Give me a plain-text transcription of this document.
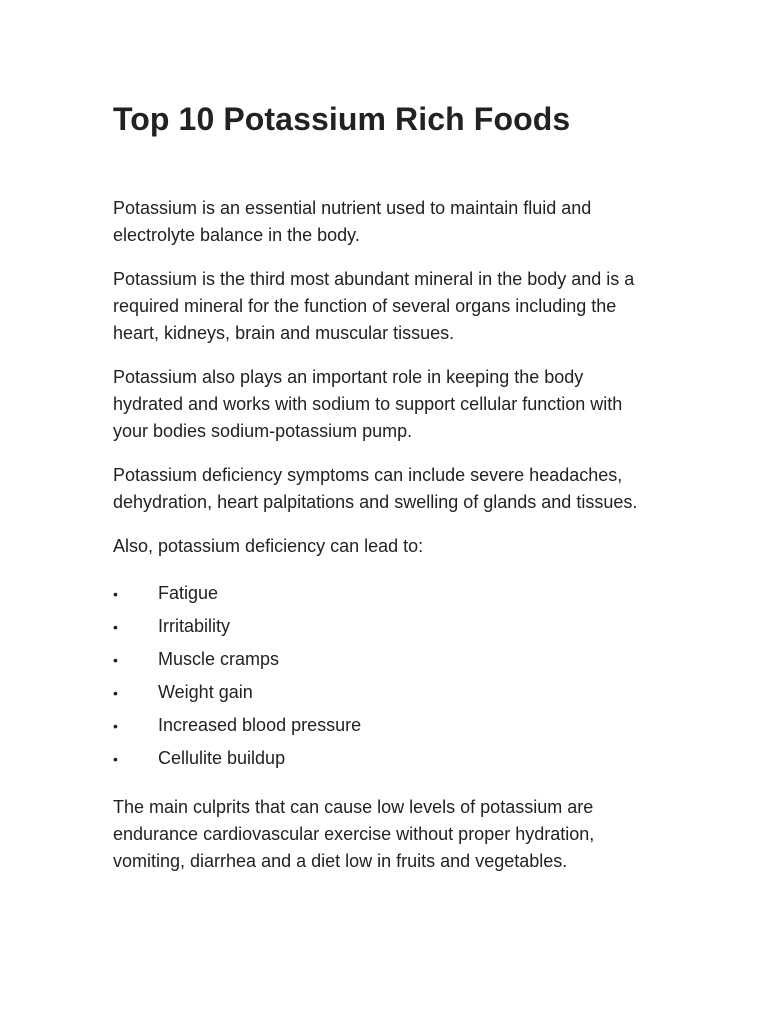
Top 10 Potassium Rich Foods

Potassium is an essential nutrient used to maintain fluid and electrolyte balance in the body.

Potassium is the third most abundant mineral in the body and is a required mineral for the function of several organs including the heart, kidneys, brain and muscular tissues.

Potassium also plays an important role in keeping the body hydrated and works with sodium to support cellular function with your bodies sodium-potassium pump.

Potassium deficiency symptoms can include severe headaches, dehydration, heart palpitations and swelling of glands and tissues.

Also, potassium deficiency can lead to:

•	Fatigue
•	Irritability
•	Muscle cramps
•	Weight gain
•	Increased blood pressure
•	Cellulite buildup

The main culprits that can cause low levels of potassium are endurance cardiovascular exercise without proper hydration, vomiting, diarrhea and a diet low in fruits and vegetables.
